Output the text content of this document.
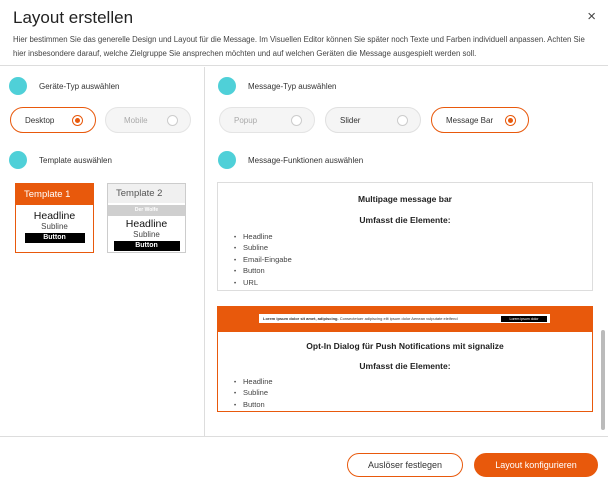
Layout erstellen	×
Hier bestimmen Sie das generelle Design und Layout für die Message. Im Visuellen Editor können Sie später noch Texte und Farben individuell anpassen. Achten Sie hier insbesondere darauf, welche Zielgruppe Sie ansprechen möchten und auf welchen Geräten die Message ausgespielt werden soll.
Geräte-Typ auswählen
Desktop	Mobile
Template auswählen
Template 1
Headline
Subline
Button
Template 2
Der Wolfe
Headline
Subline
Button
Message-Typ auswählen
Popup	Slider	Message Bar
Message-Funktionen auswählen
Multipage message bar
Umfasst die Elemente:
• Headline
• Subline
• Email-Eingabe
• Button
• URL
Lorem ipsum dolor sit amet, adipiscing. Consectetuer adipiscing elit ipsum dolor Aenean vulputate eleifend	Lorem ipsum dolor
Opt-In Dialog für Push Notifications mit signalize
Umfasst die Elemente:
• Headline
• Subline
• Button
Auslöser festlegen	Layout konfigurieren
